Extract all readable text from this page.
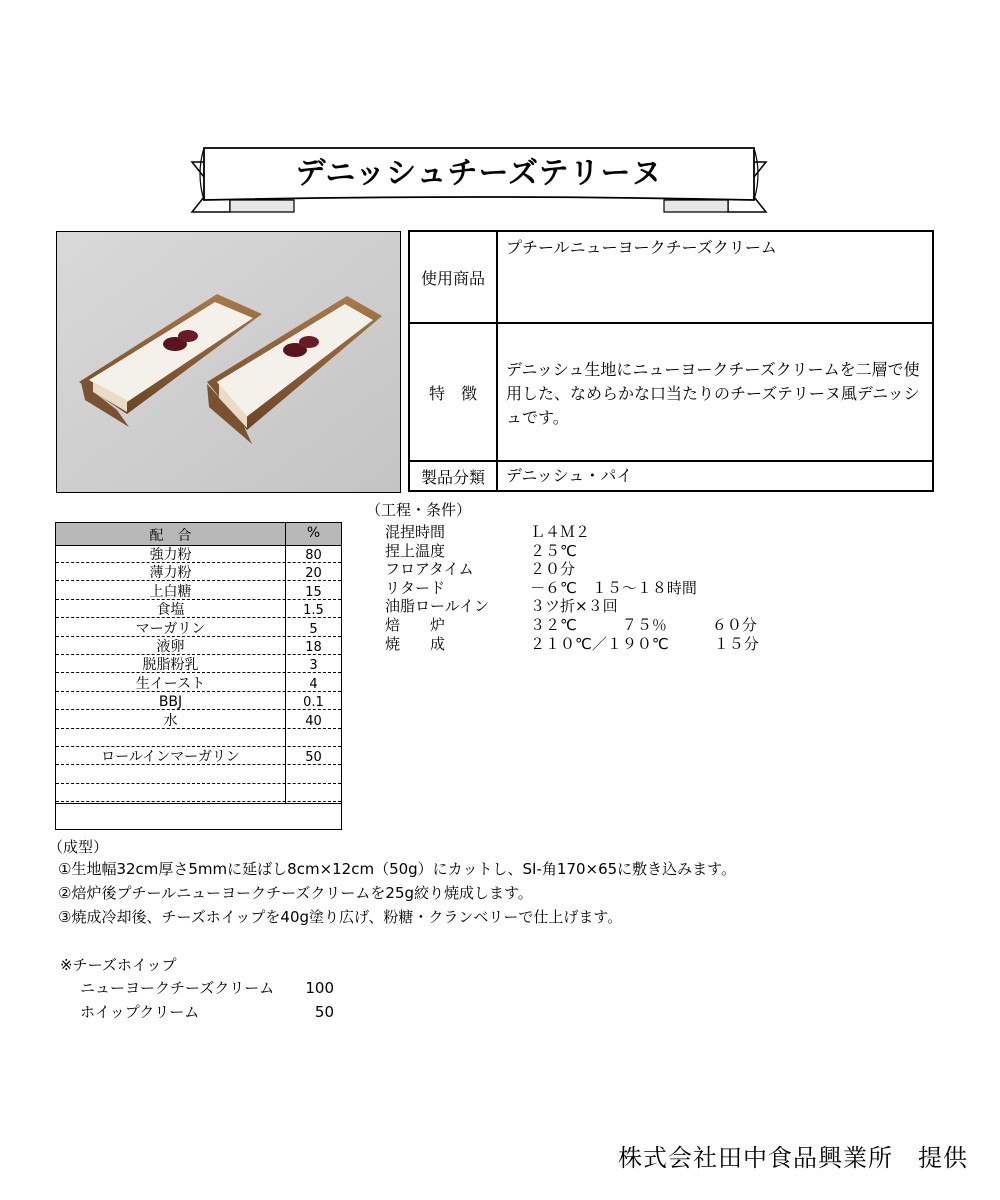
デニッシュチーズテリーヌ
使用商品
プチールニューヨークチーズクリーム
特　徴
デニッシュ生地にニューヨークチーズクリームを二層で使用した、なめらかな口当たりのチーズテリーヌ風デニッシュです。
製品分類	デニッシュ・パイ
配　合	%
強力粉	80
薄力粉	20
上白糖	15
食塩	1.5
マーガリン	5
液卵	18
脱脂粉乳	3
生イースト	4
BBJ	0.1
水	40
ロールインマーガリン	50
（工程・条件）
混捏時間	Ｌ４Ｍ２
捏上温度	２５℃
フロアタイム	２０分
リタード	－６℃　１５～１８時間
油脂ロールイン	３ツ折×３回
焙　　炉	３２℃　　　７５％　　　６０分
焼　　成	２１０℃／１９０℃　　　１５分
（成型）
①生地幅32cm厚さ5mmに延ばし8cm×12cm（50g）にカットし、SI-角170×65に敷き込みます。
②焙炉後プチールニューヨークチーズクリームを25g絞り焼成します。
③焼成冷却後、チーズホイップを40g塗り広げ、粉糖・クランベリーで仕上げます。
※チーズホイップ
ニューヨークチーズクリーム	100
ホイップクリーム	50
株式会社田中食品興業所　提供
